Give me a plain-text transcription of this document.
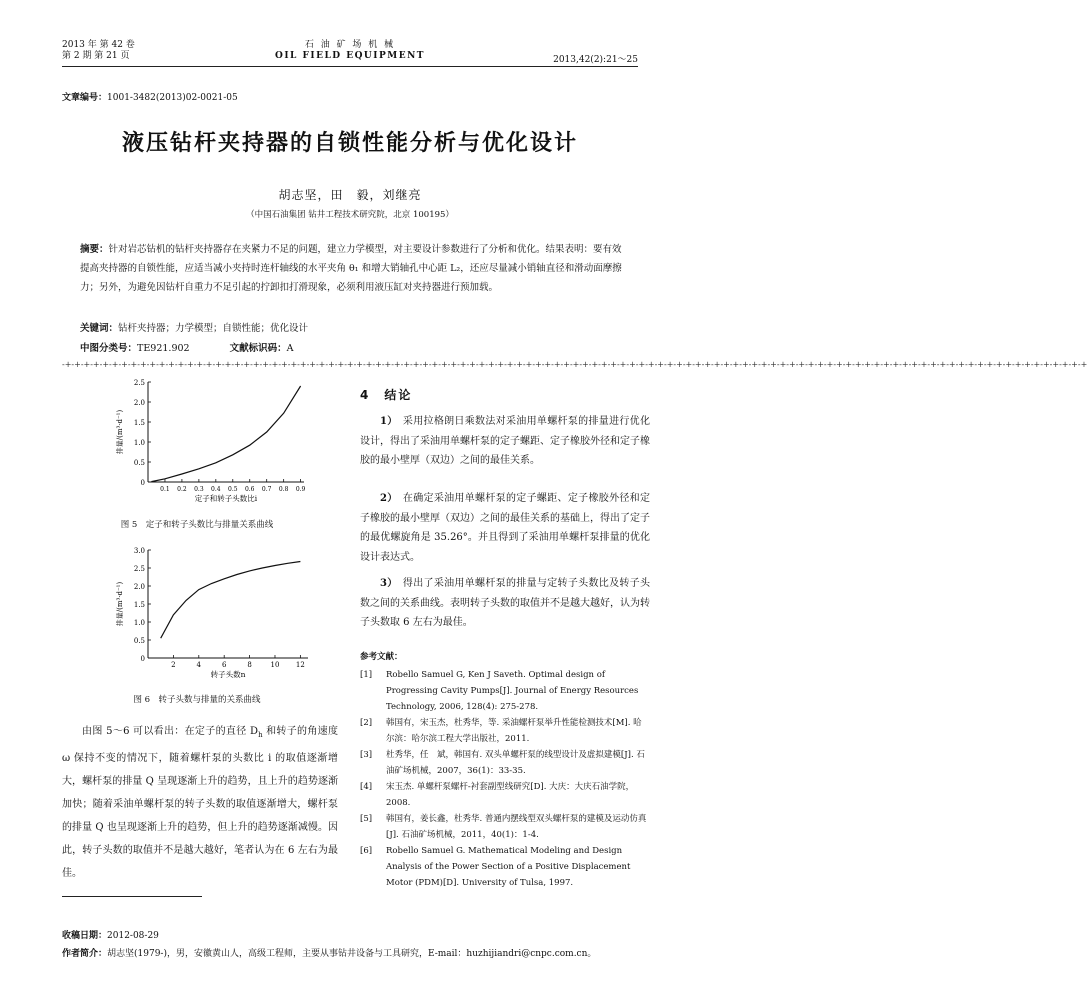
2013 年 第 42 卷
第 2 期 第 21 页
石 油 矿 场 机 械
OIL FIELD EQUIPMENT	2013,42(2):21～25
文章编号：1001-3482(2013)02-0021-05
液压钻杆夹持器的自锁性能分析与优化设计
胡志坚，田　毅，刘继亮
（中国石油集团 钻井工程技术研究院，北京 100195）
摘要：针对岩芯钻机的钻杆夹持器存在夹紧力不足的问题，建立力学模型，对主要设计参数进行了分析和优化。结果表明：要有效提高夹持器的自锁性能，应适当减小夹持时连杆轴线的水平夹角 θ₁ 和增大销轴孔中心距 L₂，还应尽量减小销轴直径和滑动面摩擦力；另外，为避免因钻杆自重力不足引起的拧卸扣打滑现象，必须利用液压缸对夹持器进行预加载。
关键词：钻杆夹持器；力学模型；自锁性能；优化设计
中图分类号：TE921.902	文献标识码：A
-+-+-+-+-+-+-+-+-+-+-+-+-+-+-+-+-+-+-+-+-+-+-+-+-+-+-+-+-+-+-+-+-+-+-+-+-+-+-+-+-+-+-+-+-+-+-+-+-+-+-+-+-+-+-+-+-+-+-+-+-+-+-+-+-+-+-+-+-+-+-+-+-+-+-+-+-+-+-+-+-+-+-+-+-+-+-+-+-+-+-+-+-+-+-+-+-+-+-+-+-+-+-+-+-+-+-+-+-+
0
0.5
1.0
1.5
2.0
2.5
0.1 0.2 0.3 0.4 0.5 0.6 0.7 0.8 0.9
定子和转子头数比i
排量/(m³·d⁻¹)
图 5　定子和转子头数比与排量关系曲线
0
0.5
1.0
1.5
2.0
2.5
3.0
2	4	6	8	10 12
转子头数n
排量/(m³·d⁻¹)
图 6　转子头数与排量的关系曲线
由图 5～6 可以看出：在定子的直径 $D_h$ 和转子的角速度 ω 保持不变的情况下，随着螺杆泵的头数比 i 的取值逐渐增大，螺杆泵的排量 Q 呈现逐渐上升的趋势，且上升的趋势逐渐加快；随着采油单螺杆泵的转子头数的取值逐渐增大，螺杆泵的排量 Q 也呈现逐渐上升的趋势，但上升的趋势逐渐减慢。因此，转子头数的取值并不是越大越好，笔者认为在 6 左右为最佳。
4　结论

1）　 采用拉格朗日乘数法对采油用单螺杆泵的排量进行优化设计，得出了采油用单螺杆泵的定子螺距、定子橡胶外径和定子橡胶的最小壁厚（双边）之间的最佳关系。

2）　 在确定采油用单螺杆泵的定子螺距、定子橡胶外径和定子橡胶的最小壁厚（双边）之间的最佳关系的基础上，得出了定子的最优螺旋角是 35.26°。并且得到了采油用单螺杆泵排量的优化设计表达式。

3）　 得出了采油用单螺杆泵的排量与定转子头数比及转子头数之间的关系曲线。表明转子头数的取值并不是越大越好，认为转子头数取 6 左右为最佳。

参考文献：
[1] Robello Samuel G, Ken J Saveth. Optimal design of Progressing Cavity Pumps[J]. Journal of Energy Resources Technology, 2006, 128(4): 275-278.
[2] 韩国有，宋玉杰，杜秀华，等. 采油螺杆泵举升性能检测技术[M]. 哈尔滨：哈尔滨工程大学出版社，2011.
[3] 杜秀华，任　斌，韩国有. 双头单螺杆泵的线型设计及虚拟建模[J]. 石油矿场机械，2007，36(1)：33-35.
[4] 宋玉杰. 单螺杆泵螺杆-衬套副型线研究[D]. 大庆：大庆石油学院，2008.
[5] 韩国有，姜长鑫，杜秀华. 普通内摆线型双头螺杆泵的建模及运动仿真[J]. 石油矿场机械，2011，40(1)：1-4.
[6] Robello Samuel G. Mathematical Modeling and Design Analysis of the Power Section of a Positive Displacement Motor (PDM)[D]. University of Tulsa, 1997.
收稿日期：2012-08-29
作者简介：胡志坚(1979-)，男，安徽黄山人，高级工程师，主要从事钻井设备与工具研究，E-mail：huzhijiandri@cnpc.com.cn。
